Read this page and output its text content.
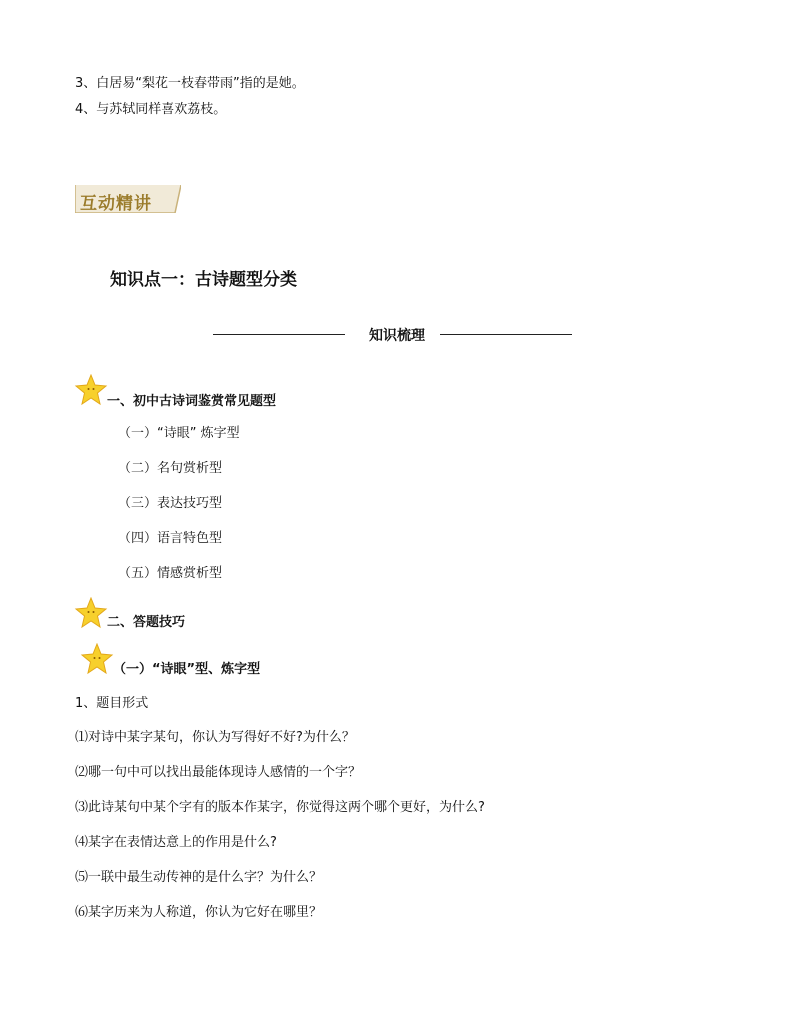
3、白居易“梨花一枝春带雨”指的是她。
4、与苏轼同样喜欢荔枝。
互动精讲
知识点一：古诗题型分类
知识梳理
一、初中古诗词鉴赏常见题型
（一）“诗眼” 炼字型
（二）名句赏析型
（三）表达技巧型
（四）语言特色型
（五）情感赏析型
二、答题技巧
（一）“诗眼”型、炼字型
1、题目形式
⑴对诗中某字某句，你认为写得好不好?为什么？
⑵哪一句中可以找出最能体现诗人感情的一个字？
⑶此诗某句中某个字有的版本作某字，你觉得这两个哪个更好，为什么?
⑷某字在表情达意上的作用是什么?
⑸一联中最生动传神的是什么字？为什么？
⑹某字历来为人称道，你认为它好在哪里？
